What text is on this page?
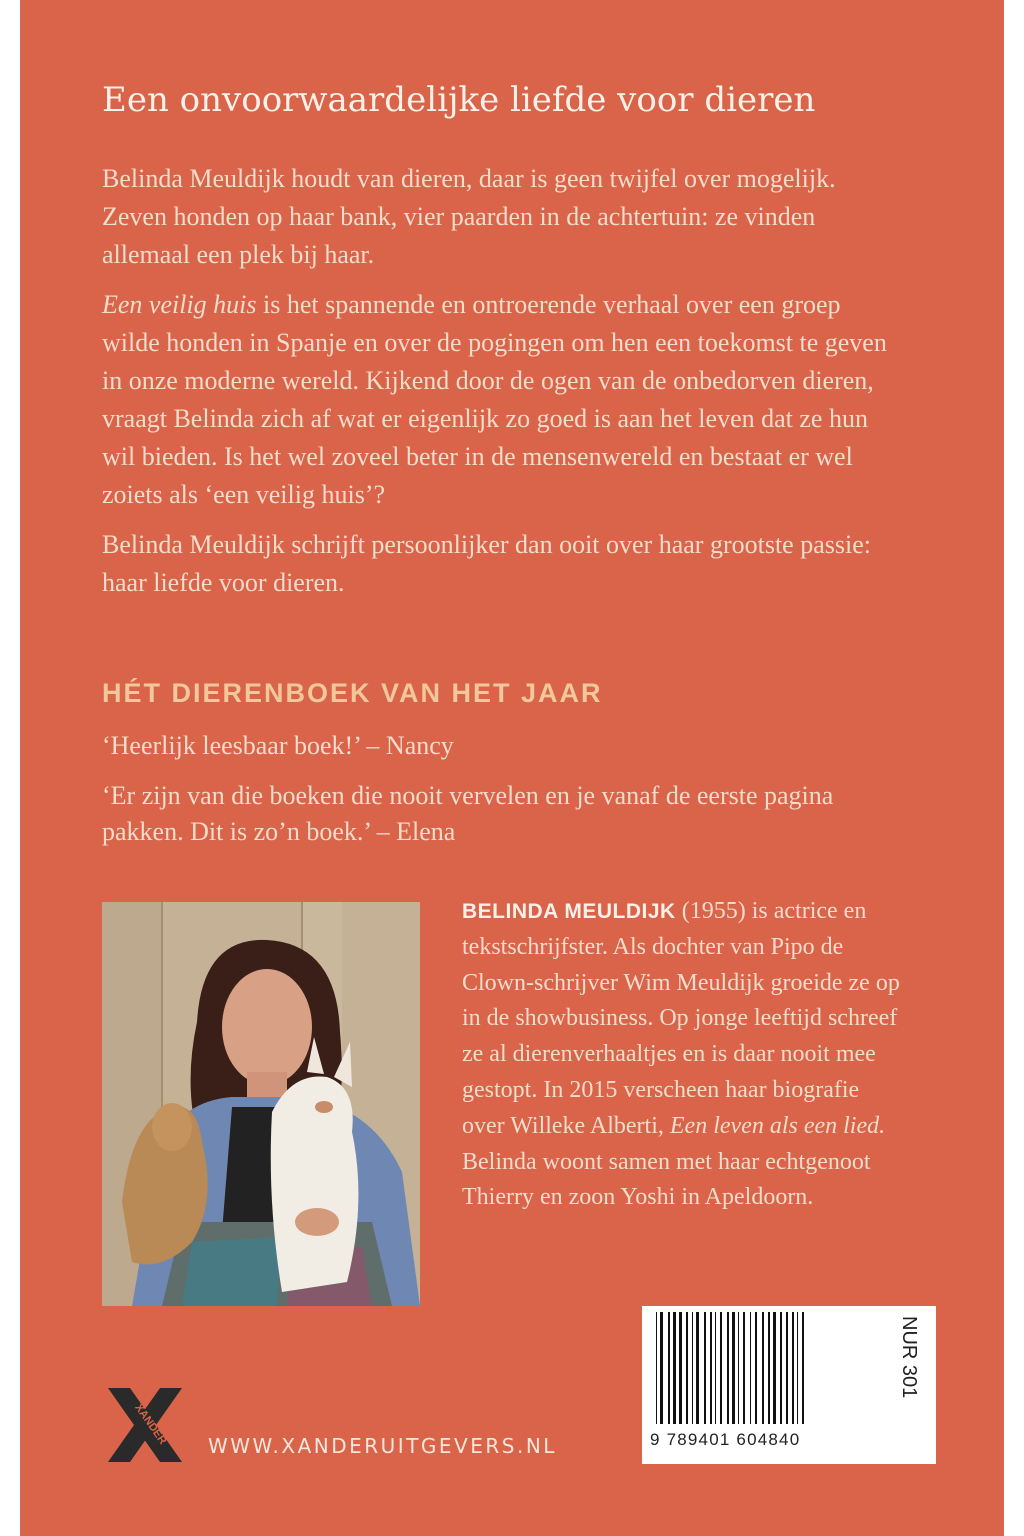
Een onvoorwaardelijke liefde voor dieren

Belinda Meuldijk houdt van dieren, daar is geen twijfel over mogelijk. Zeven honden op haar bank, vier paarden in de achtertuin: ze vinden allemaal een plek bij haar.

Een veilig huis is het spannende en ontroerende verhaal over een groep wilde honden in Spanje en over de pogingen om hen een toekomst te geven in onze moderne wereld. Kijkend door de ogen van de onbedorven dieren, vraagt Belinda zich af wat er eigenlijk zo goed is aan het leven dat ze hun wil bieden. Is het wel zoveel beter in de mensenwereld en bestaat er wel zoiets als ‘een veilig huis’?

Belinda Meuldijk schrijft persoonlijker dan ooit over haar grootste passie: haar liefde voor dieren.

HÉT DIERENBOEK VAN HET JAAR

‘Heerlijk leesbaar boek!’ – Nancy

‘Er zijn van die boeken die nooit vervelen en je vanaf de eerste pagina pakken. Dit is zo’n boek.’ – Elena

BELINDA MEULDIJK (1955) is actrice en tekstschrijfster. Als dochter van Pipo de Clown-schrijver Wim Meuldijk groeide ze op in de showbusiness. Op jonge leeftijd schreef ze al dierenverhaaltjes en is daar nooit mee gestopt. In 2015 verscheen haar biografie over Willeke Alberti, Een leven als een lied. Belinda woont samen met haar echtgenoot Thierry en zoon Yoshi in Apeldoorn.
XANDER WWW.XANDERUITGEVERS.NL	9 789401 604840
NUR 301
